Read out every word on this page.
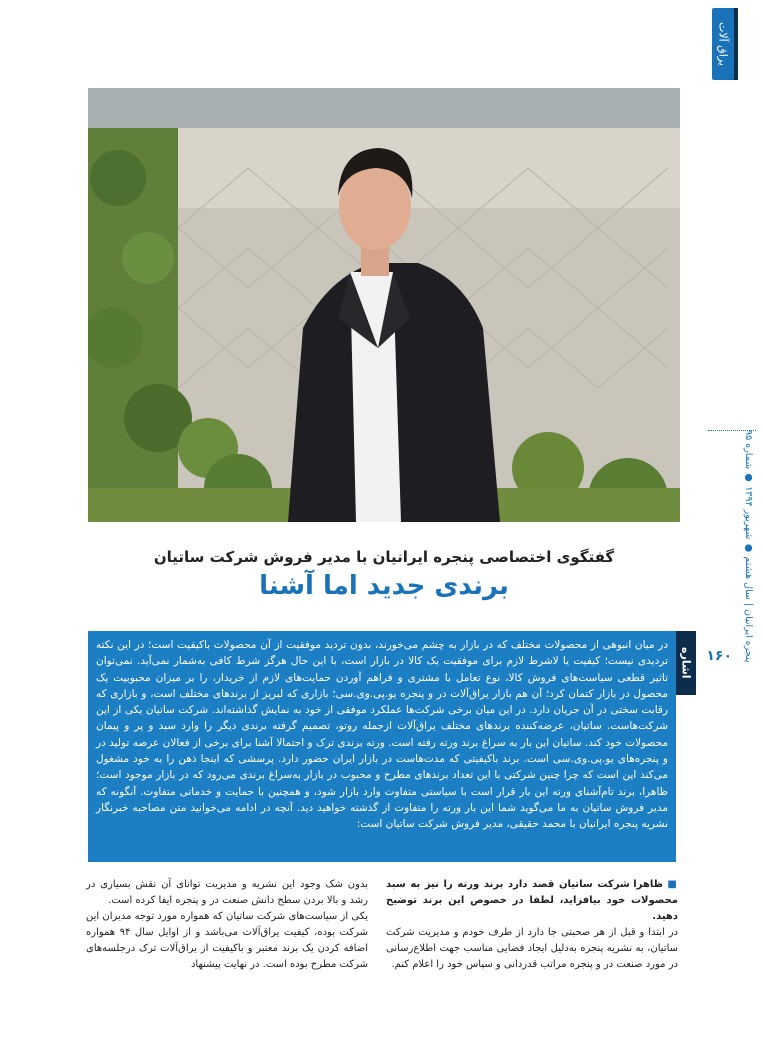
یراق آلات
پنجره ایرانیان | سال هشتم ● شهریور ۱۳۹۴ ● شماره ۹۵
۱۶۰
گفتگوی اختصاصی پنجره ایرانیان با مدیر فروش شرکت ساتیان
برندی جدید اما آشنا
اشاره
در میان انبوهی از محصولات مختلف که در بازار به چشم می‌خورند، بدون تردید موفقیت از آن محصولات باکیفیت است؛ در این نکته تردیدی نیست؛ کیفیت یا لاشرط لازم برای موفقیت یک کالا در بازار است، با این حال هرگز شرط کافی به‌شمار نمی‌آید. نمی‌توان تاثیر قطعی سیاست‌های فروش کالا، نوع تعامل با مشتری و فراهم آوردن حمایت‌های لازم از خریدار، را بر میزان محبوبیت یک محصول در بازار کتمان کرد؛ آن هم بازار یراق‌آلات در و پنجره یو.پی.وی.سی؛ بازاری که لبریز از برندهای مختلف است، و بازاری که رقابت سختی در آن جریان دارد. در این میان برخی شرکت‌ها عملکرد موفقی از خود به نمایش گذاشته‌اند. شرکت ساتیان یکی از این شرکت‌هاست. ساتیان، عرضه‌کننده برندهای مختلف یراق‌آلات ازجمله روتو، تصمیم گرفته برندی دیگر را وارد سبد و پر و پیمان محصولات خود کند. ساتیان این بار به سراغ برند ورته رفته است. ورته برندی ترک و احتمالا آشنا برای برخی از فعالان عرصه تولید در و پنجره‌های یو.پی.وی.سی است. برند باکیفیتی که مدت‌هاست در بازار ایران حضور دارد. پرسشی که اینجا ذهن را به خود مشغول می‌کند این است که چرا چنین شرکتی با این تعداد برندهای مطرح و محبوب در بازار به‌سراغ برندی می‌رود که در بازار موجود است؛ ظاهرا، برند تام‌آشنای ورته این بار قرار است با سیاستی متفاوت وارد بازار شود، و همچنین با حمایت و خدماتی متفاوت. آنگونه که مدیر فروش ساتیان به ما می‌گوید شما این بار ورته را متفاوت از گذشته خواهید دید. آنچه در ادامه می‌خوانید متن مصاحبه خبرنگار نشریه پنجره ایرانیان با محمد حقیقی، مدیر فروش شرکت ساتیان است:
■ ظاهرا شرکت ساتیان قصد دارد برند ورته را نیز به سبد محصولات خود بیافزاید، لطفا در خصوص این برند توضیح دهید.
در ابتدا و قبل از هر صحبتی جا دارد از طرف خودم و مدیریت شرکت ساتیان، به نشریه پنجره به‌دلیل ایجاد فضایی مناسب جهت اطلاع‌رسانی در مورد صنعت در و پنجره مراتب قدردانی و سپاس خود را اعلام کنم.
بدون شک وجود این نشریه و مدیریت توانای آن نقش بسیاری در رشد و بالا بردن سطح دانش صنعت در و پنجره ایفا کرده است.
یکی از سیاست‌های شرکت ساتیان که همواره مورد توجه مدیران این شرکت بوده، کیفیت یراق‌آلات می‌باشد و از اوایل سال ۹۴ همواره اضافه کردن یک برند معتبر و باکیفیت از یراق‌آلات ترک درجلسه‌های شرکت مطرح بوده است. در نهایت پیشنهاد
